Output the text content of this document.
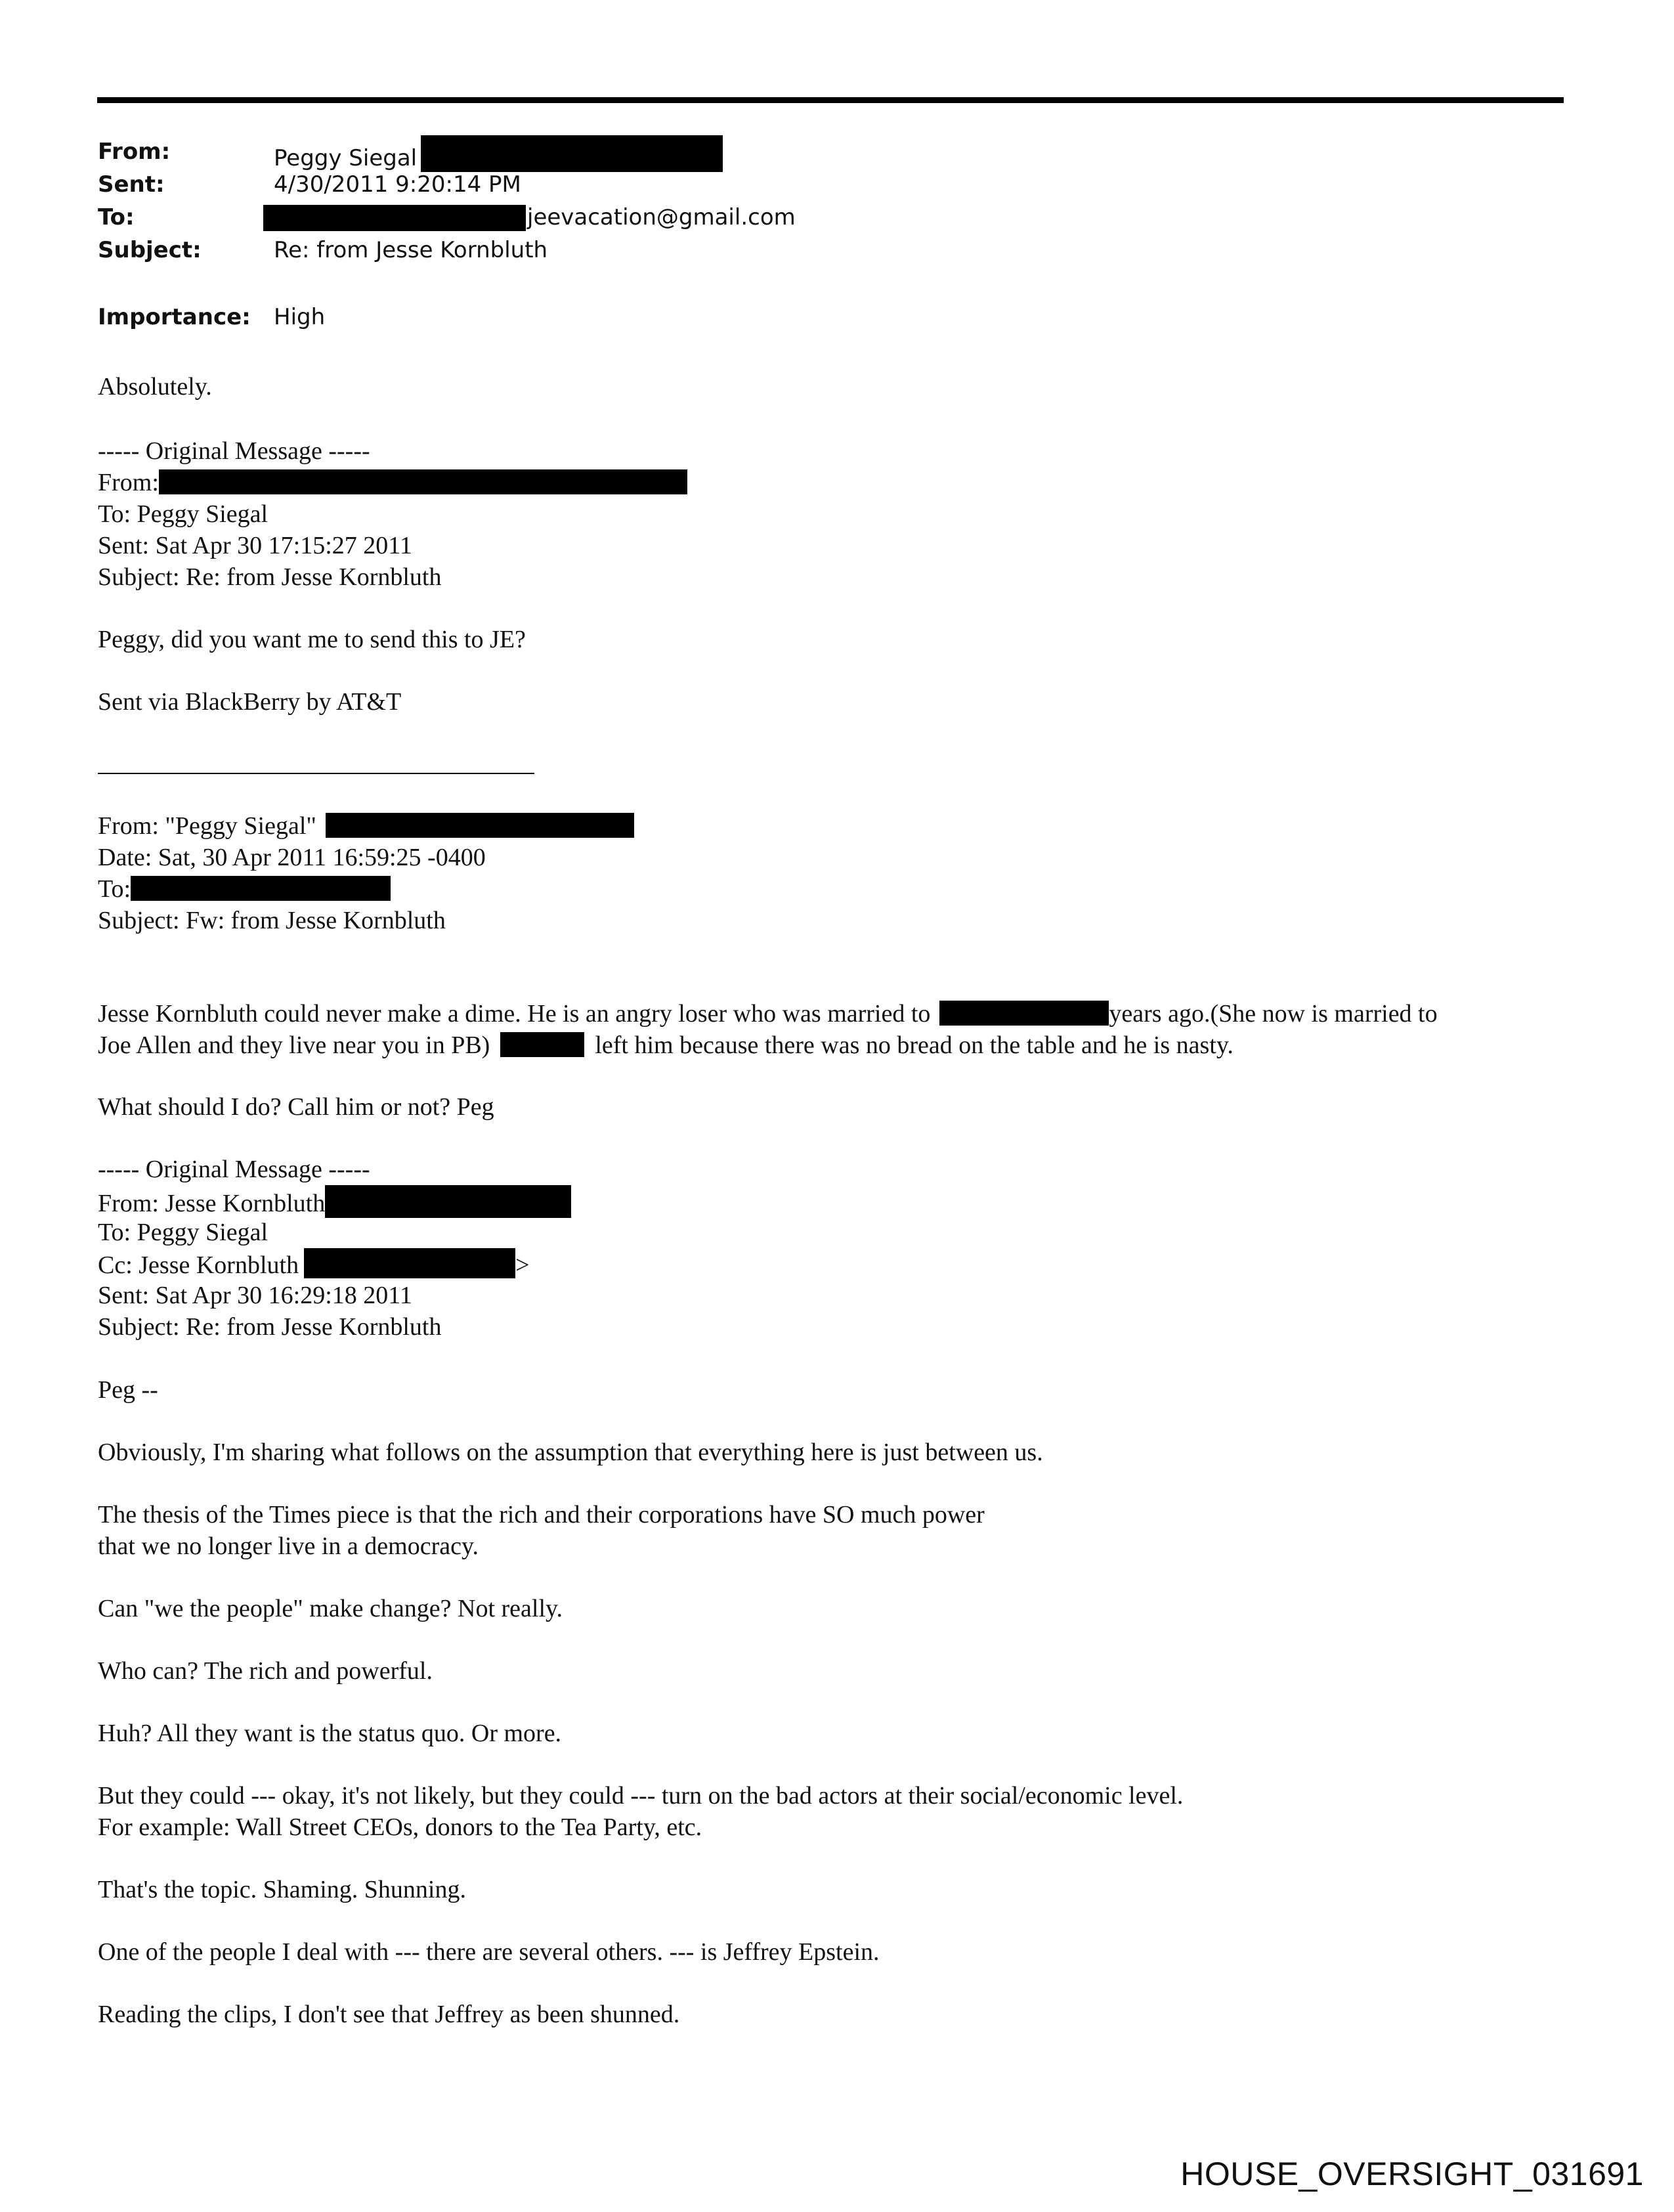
From:	Peggy Siegal
Sent:	4/30/2011 9:20:14 PM
To:	jeevacation@gmail.com
Subject:	Re: from Jesse Kornbluth
Importance: High
Absolutely.
----- Original Message -----
From:
To: Peggy Siegal
Sent: Sat Apr 30 17:15:27 2011
Subject: Re: from Jesse Kornbluth
Peggy, did you want me to send this to JE?
Sent via BlackBerry by AT&T
From: "Peggy Siegal"
Date: Sat, 30 Apr 2011 16:59:25 -0400
To:
Subject: Fw: from Jesse Kornbluth
Jesse Kornbluth could never make a dime. He is an angry loser who was married to	years ago.(She now is married to
Joe Allen and they live near you in PB)	left him because there was no bread on the table and he is nasty.
What should I do? Call him or not? Peg
----- Original Message -----
From: Jesse Kornbluth
To: Peggy Siegal
Cc: Jesse Kornbluth	>
Sent: Sat Apr 30 16:29:18 2011
Subject: Re: from Jesse Kornbluth
Peg --
Obviously, I'm sharing what follows on the assumption that everything here is just between us.
The thesis of the Times piece is that the rich and their corporations have SO much power
that we no longer live in a democracy.
Can "we the people" make change? Not really.
Who can? The rich and powerful.
Huh? All they want is the status quo. Or more.
But they could --- okay, it's not likely, but they could --- turn on the bad actors at their social/economic level.
For example: Wall Street CEOs, donors to the Tea Party, etc.
That's the topic. Shaming. Shunning.
One of the people I deal with --- there are several others. --- is Jeffrey Epstein.
Reading the clips, I don't see that Jeffrey as been shunned.
HOUSE_OVERSIGHT_031691
